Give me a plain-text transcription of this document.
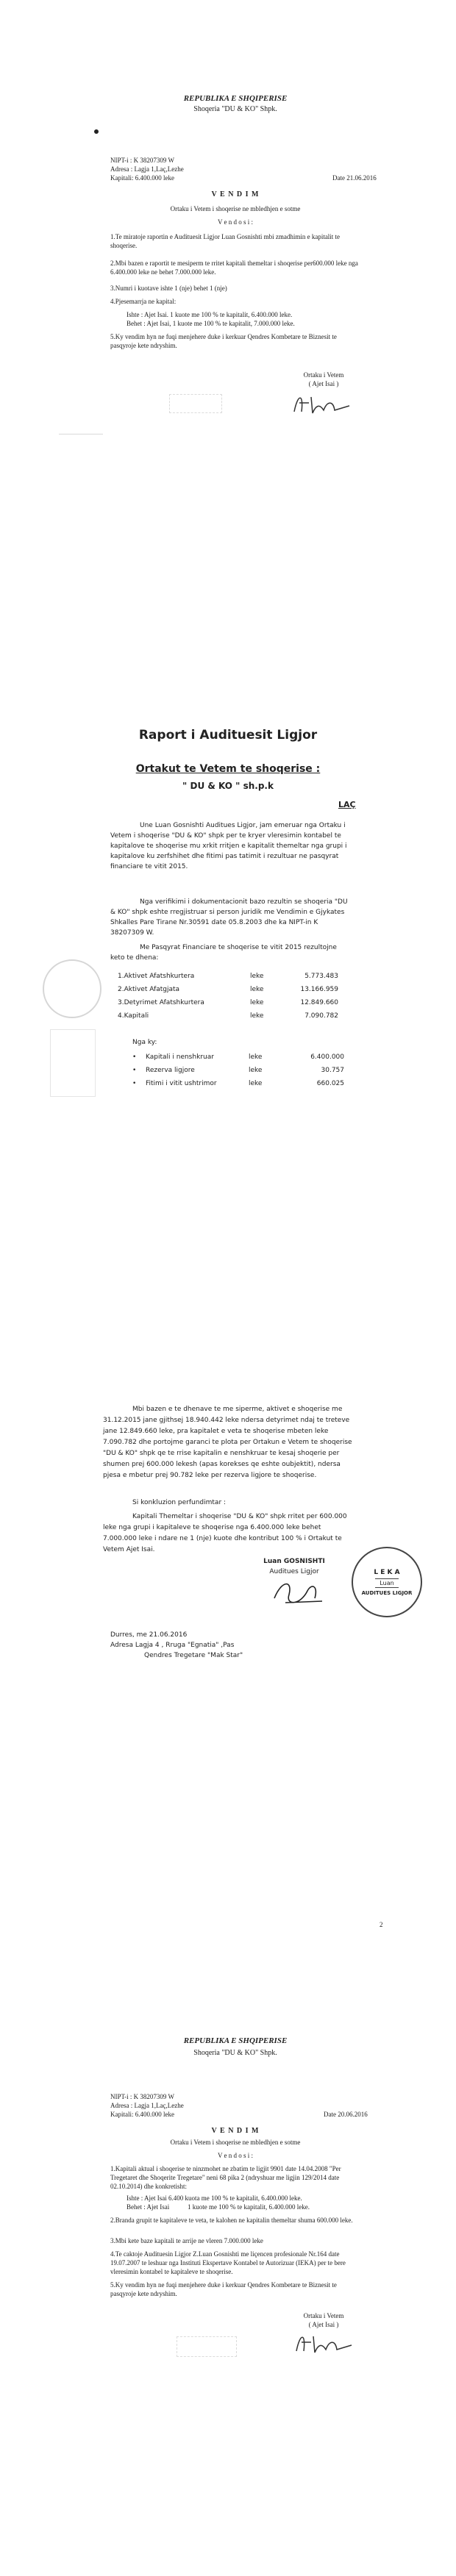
REPUBLIKA E SHQIPERISE
Shoqeria "DU & KO" Shpk.
NIPT-i : K 38207309 W
Adresa : Lagja 1,Laç,Lezhe
Kapitali: 6.400.000 leke	Date 21.06.2016
V E N D I M
Ortaku i Vetem i shoqerise ne mbledhjen e sotme
V e n d o s i :
1.Te miratoje raportin e Audituesit Ligjor Luan Gosnishti mbi zmadhimin e kapitalit te shoqerise.
2.Mbi bazen e raportit te mesiperm te rritet kapitali themeltar i shoqerise per600.000 leke nga 6.400.000 leke ne behet 7.000.000 leke.
3.Numri i kuotave ishte 1 (nje) behet 1 (nje)
4.Pjesemarrja ne kapital:
Ishte : Ajet Isai. 1 kuote me 100 % te kapitalit, 6.400.000 leke.
Behet : Ajet Isai, 1 kuote me 100 % te kapitalit, 7.000.000 leke.
5.Ky vendim hyn ne fuqi menjehere duke i kerkuar Qendres Kombetare te Biznesit te pasqyroje kete ndryshim.
Ortaku i Vetem
( Ajet Isai )
Raport i Audituesit Ligjor
Ortakut te Vetem te shoqerise :
" DU & KO " sh.p.k
LAÇ
Une Luan Gosnishti Auditues Ligjor, jam emeruar nga Ortaku i Vetem i shoqerise "DU & KO" shpk per te kryer vleresimin kontabel te kapitalove te shoqerise mu xrkit rritjen e kapitalit themeltar nga grupi i kapitalove ku zerfshihet dhe fitimi pas tatimit i rezultuar ne pasqyrat financiare te vitit 2015.
Nga verifikimi i dokumentacionit bazo rezultin se shoqeria "DU & KO" shpk eshte rregjistruar si person juridik me Vendimin e Gjykates Shkalles Pare Tirane Nr.30591 date 05.8.2003 dhe ka NIPT-in K 38207309 W.
Me Pasqyrat Financiare te shoqerise te vitit 2015 rezultojne keto te dhena:
1.Aktivet Afatshkurtera	leke	5.773.483
2.Aktivet Afatgjata	leke	13.166.959
3.Detyrimet Afatshkurtera	leke	12.849.660
4.Kapitali	leke	7.090.782
Nga ky:
•	Kapitali i nenshkruar	leke	6.400.000
•	Rezerva ligjore	leke	30.757
•	Fitimi i vitit ushtrimor	leke	660.025
Mbi bazen e te dhenave te me siperme, aktivet e shoqerise me 31.12.2015 jane gjithsej 18.940.442 leke ndersa detyrimet ndaj te treteve jane 12.849.660 leke, pra kapitalet e veta te shoqerise mbeten leke 7.090.782 dhe portojme garanci te plota per Ortakun e Vetem te shoqerise "DU & KO" shpk qe te rrise kapitalin e nenshkruar te kesaj shoqerie per shumen prej 600.000 lekesh (apas korekses qe eshte oubjektit), ndersa pjesa e mbetur prej 90.782 leke per rezerva ligjore te shoqerise.
Si konkluzion perfundimtar :
Kapitali Themeltar i shoqerise "DU & KO" shpk rritet per 600.000 leke nga grupi i kapitaleve te shoqerise nga 6.400.000 leke behet 7.000.000 leke i ndare ne 1 (nje) kuote dhe kontribut 100 % i Ortakut te Vetem Ajet Isai.
Luan GOSNISHTI
Auditues Ligjor	L E K A
Luan
AUDITUES LIGJOR
Durres, me 21.06.2016
Adresa Lagja 4 , Rruga "Egnatia" ,Pas
Qendres Tregetare "Mak Star"
2
REPUBLIKA E SHQIPERISE
Shoqeria "DU & KO" Shpk.
NIPT-i : K 38207309 W
Adresa : Lagja 1,Laç,Lezhe
Kapitali: 6.400.000 leke	Date 20.06.2016
V E N D I M
Ortaku i Vetem i shoqerise ne mbledhjen e sotme
V e n d o s i :
1.Kapitali aktual i shoqerise te ninzmohet ne zbatim te ligjit 9901 date 14.04.2008 "Per Tregetaret dhe Shoqerite Tregetare" neni 68 pika 2 (ndryshuar me ligjin 129/2014 date 02.10.2014) dhe konkretisht:
Ishte : Ajet Isai 6.400 kuota me 100 % te kapitalit, 6.400.000 leke.
Behet : Ajet Isai           1 kuote me 100 % te kapitalit, 6.400.000 leke.
2.Branda grupit te kapitaleve te veta, te kalohen ne kapitalin themeltar shuma 600.000 leke.
3.Mbi kete baze kapitali te arrije ne vleren 7.000.000 leke
4.Te caktoje Audituesin Ligjor Z.Luan Gosnishti me liçencen profesionale Nr.164 date 19.07.2007 te leshuar nga Instituti Ekspertave Kontabel te Autorizuar (IEKA) per te bere vleresimin kontabel te kapitaleve te shoqerise.
5.Ky vendim hyn ne fuqi menjehere duke i kerkuar Qendres Kombetare te Biznesit te pasqyroje kete ndryshim.
Ortaku i Vetem
( Ajet Isai )
